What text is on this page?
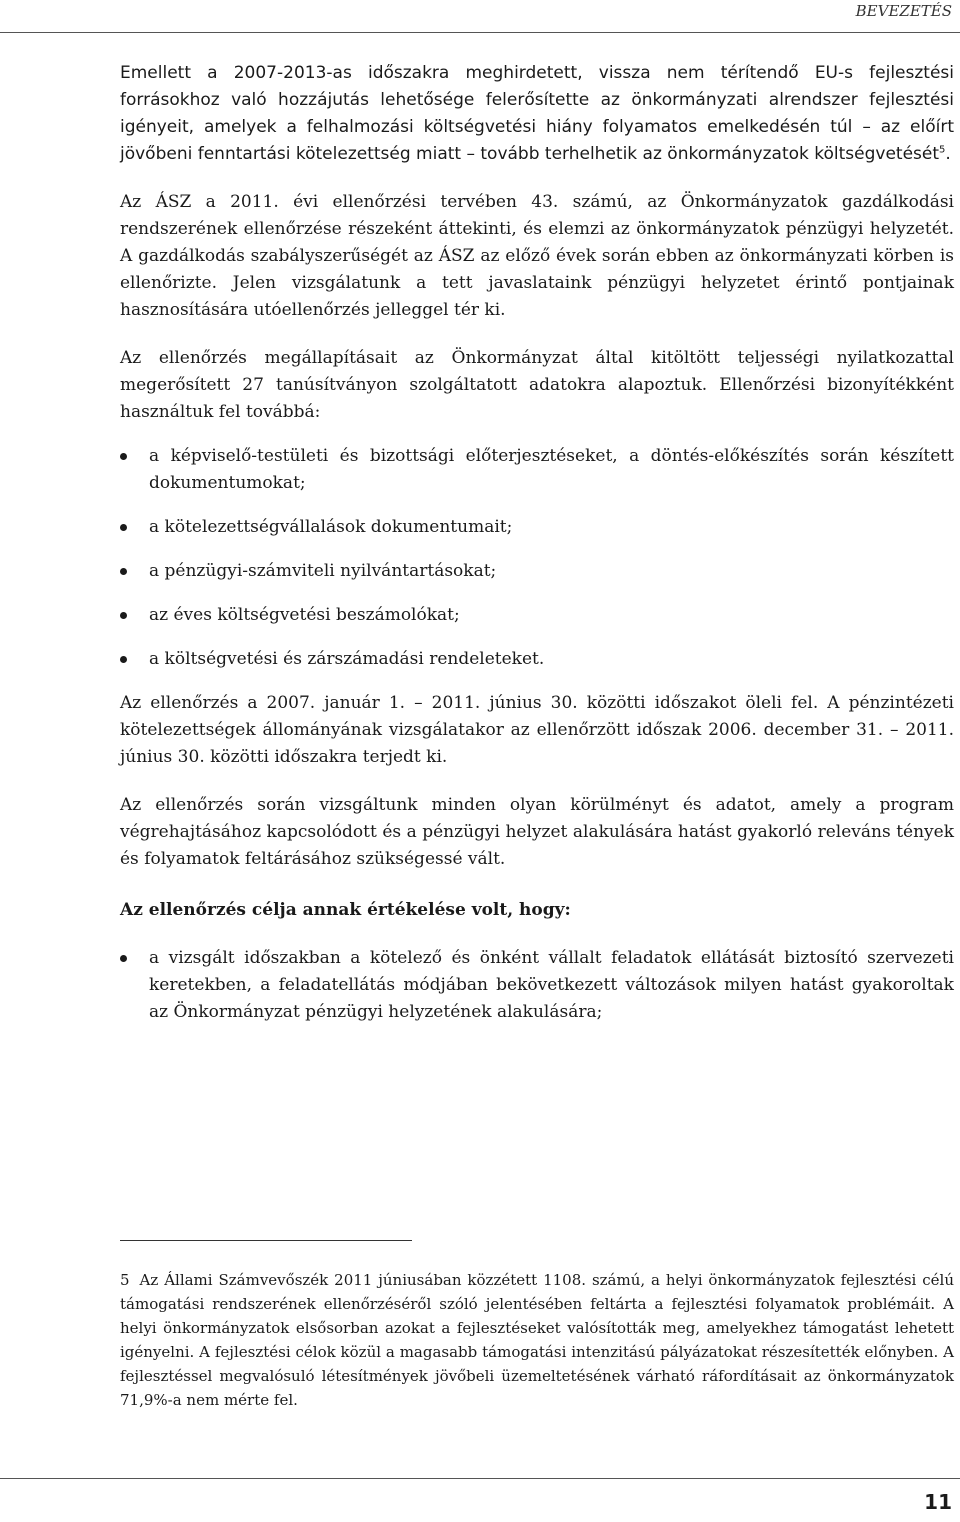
BEVEZETÉS

Emellett a 2007-2013-as időszakra meghirdetett, vissza nem térítendő EU-s fejlesztési forrásokhoz való hozzájutás lehetősége felerősítette az önkormányzati alrendszer fejlesztési igényeit, amelyek a felhalmozási költségvetési hiány folyamatos emelkedésén túl – az előírt jövőbeni fenntartási kötelezettség miatt – tovább terhelhetik az önkormányzatok költségvetését$^5$.

Az ÁSZ a 2011. évi ellenőrzési tervében 43. számú, az Önkormányzatok gazdálkodási rendszerének ellenőrzése részeként áttekinti, és elemzi az önkormányzatok pénzügyi helyzetét. A gazdálkodás szabályszerűségét az ÁSZ az előző évek során ebben az önkormányzati körben is ellenőrizte. Jelen vizsgálatunk a tett javaslataink pénzügyi helyzetet érintő pontjainak hasznosítására utóellenőrzés jelleggel tér ki.

Az ellenőrzés megállapításait az Önkormányzat által kitöltött teljességi nyilatkozattal megerősített 27 tanúsítványon szolgáltatott adatokra alapoztuk. Ellenőrzési bizonyítékként használtuk fel továbbá:

a képviselő-testületi és bizottsági előterjesztéseket, a döntés-előkészítés során készített dokumentumokat;
a kötelezettségvállalások dokumentumait;
a pénzügyi-számviteli nyilvántartásokat;
az éves költségvetési beszámolókat;
a költségvetési és zárszámadási rendeleteket.

Az ellenőrzés a 2007. január 1. – 2011. június 30. közötti időszakot öleli fel. A pénzintézeti kötelezettségek állományának vizsgálatakor az ellenőrzött időszak 2006. december 31. – 2011. június 30. közötti időszakra terjedt ki.

Az ellenőrzés során vizsgáltunk minden olyan körülményt és adatot, amely a program végrehajtásához kapcsolódott és a pénzügyi helyzet alakulására hatást gyakorló releváns tények és folyamatok feltárásához szükségessé vált.

Az ellenőrzés célja annak értékelése volt, hogy:

a vizsgált időszakban a kötelező és önként vállalt feladatok ellátását biztosító szervezeti keretekben, a feladatellátás módjában bekövetkezett változások milyen hatást gyakoroltak az Önkormányzat pénzügyi helyzetének alakulására;
5 Az Állami Számvevőszék 2011 júniusában közzétett 1108. számú, a helyi önkormányzatok fejlesztési célú támogatási rendszerének ellenőrzéséről szóló jelentésében feltárta a fejlesztési folyamatok problémáit. A helyi önkormányzatok elsősorban azokat a fejlesztéseket valósították meg, amelyekhez támogatást lehetett igényelni. A fejlesztési célok közül a magasabb támogatási intenzitású pályázatokat részesítették előnyben. A fejlesztéssel megvalósuló létesítmények jövőbeli üzemeltetésének várható ráfordításait az önkormányzatok 71,9%-a nem mérte fel.
11
